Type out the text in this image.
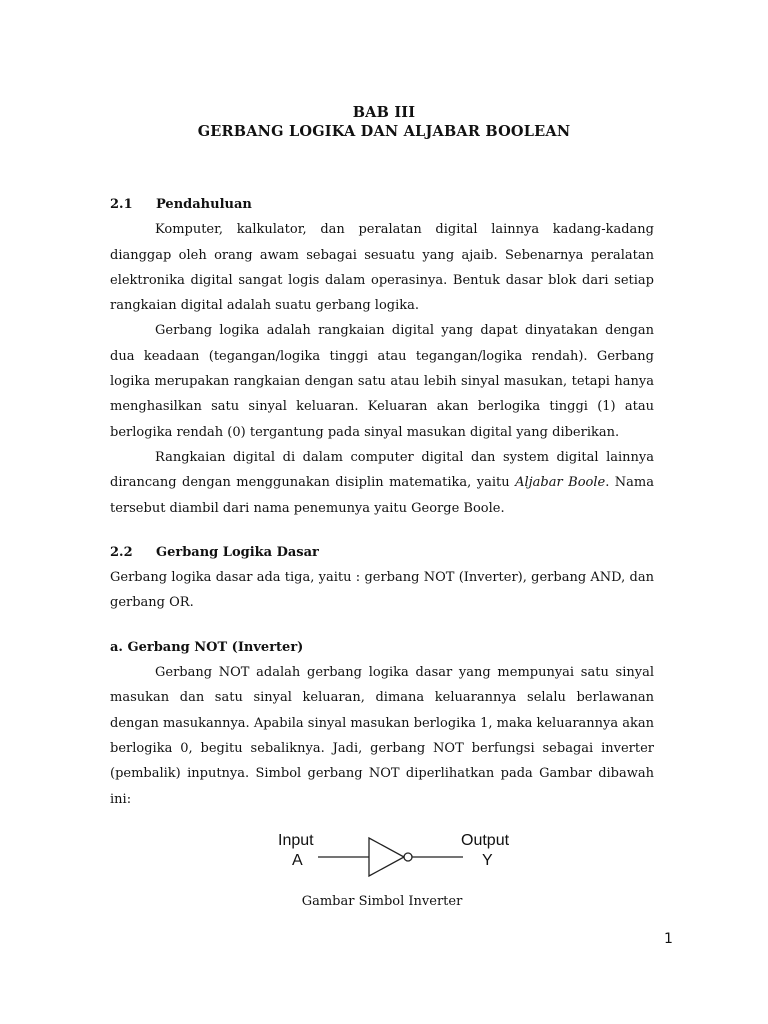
BAB III
GERBANG LOGIKA DAN ALJABAR BOOLEAN
2.1 Pendahuluan

Komputer, kalkulator, dan peralatan digital lainnya kadang-kadang dianggap oleh orang awam sebagai sesuatu yang ajaib. Sebenarnya peralatan elektronika digital sangat logis dalam operasinya. Bentuk dasar blok dari setiap rangkaian digital adalah suatu gerbang logika.

Gerbang logika adalah rangkaian digital yang dapat dinyatakan dengan dua keadaan (tegangan/logika tinggi atau tegangan/logika rendah). Gerbang logika merupakan rangkaian dengan satu atau lebih sinyal masukan, tetapi hanya menghasilkan satu sinyal keluaran. Keluaran akan berlogika tinggi (1) atau berlogika rendah (0) tergantung pada sinyal masukan digital yang diberikan.

Rangkaian digital di dalam computer digital dan system digital lainnya dirancang dengan menggunakan disiplin matematika, yaitu Aljabar Boole. Nama tersebut diambil dari nama penemunya yaitu George Boole.

2.2 Gerbang Logika Dasar

Gerbang logika dasar ada tiga, yaitu : gerbang NOT (Inverter), gerbang AND, dan gerbang OR.

a. Gerbang NOT (Inverter)

Gerbang NOT adalah gerbang logika dasar yang mempunyai satu sinyal masukan dan satu sinyal keluaran, dimana keluarannya selalu berlawanan dengan masukannya. Apabila sinyal masukan berlogika 1, maka keluarannya akan berlogika 0, begitu sebaliknya. Jadi, gerbang NOT berfungsi sebagai inverter (pembalik) inputnya. Simbol gerbang NOT diperlihatkan pada Gambar dibawah ini:

Input
A
Output
Y
Gambar Simbol Inverter
1
